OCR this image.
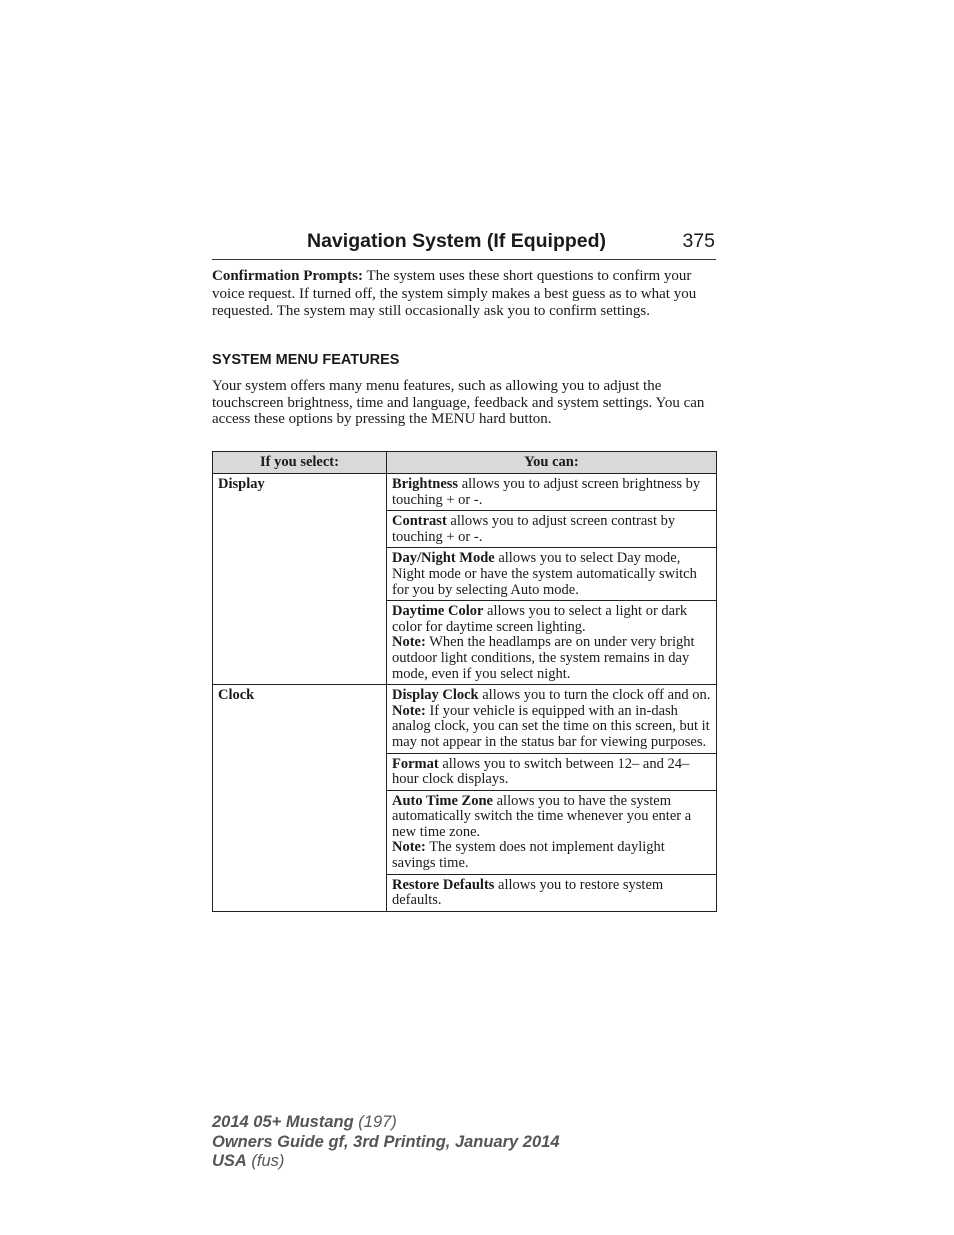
Navigation System (If Equipped)	375

Confirmation Prompts: The system uses these short questions to confirm your voice request. If turned off, the system simply makes a best guess as to what you requested. The system may still occasionally ask you to confirm settings.

SYSTEM MENU FEATURES

Your system offers many menu features, such as allowing you to adjust the touchscreen brightness, time and language, feedback and system settings. You can access these options by pressing the MENU hard button.

If you select:	You can:
Display	Brightness allows you to adjust screen brightness by touching + or -.
	Contrast allows you to adjust screen contrast by touching + or -.
	Day/Night Mode allows you to select Day mode, Night mode or have the system automatically switch for you by selecting Auto mode.
	Daytime Color allows you to select a light or dark color for daytime screen lighting.
Note: When the headlamps are on under very bright outdoor light conditions, the system remains in day mode, even if you select night.
Clock	Display Clock allows you to turn the clock off and on.
Note: If your vehicle is equipped with an in-dash analog clock, you can set the time on this screen, but it may not appear in the status bar for viewing purposes.
	Format allows you to switch between 12– and 24–hour clock displays.
	Auto Time Zone allows you to have the system automatically switch the time whenever you enter a new time zone.
Note: The system does not implement daylight savings time.
	Restore Defaults allows you to restore system defaults.
2014 05+ Mustang (197)
Owners Guide gf, 3rd Printing, January 2014
USA (fus)
